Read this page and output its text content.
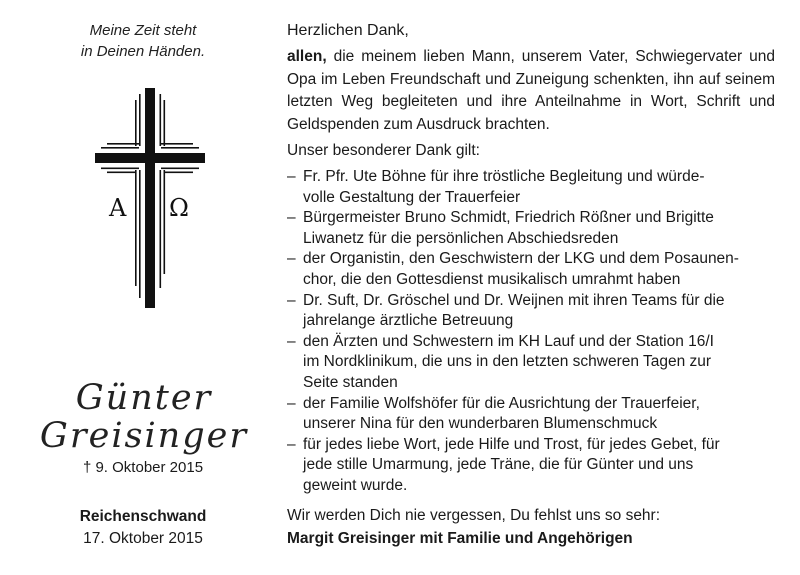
Meine Zeit steht
in Deinen Händen.
A Ω
Günter
Greisinger
† 9. Oktober 2015
Reichenschwand
17. Oktober 2015
Herzlichen Dank,
allen, die meinem lieben Mann, unserem Vater, Schwiegervater und Opa im Leben Freundschaft und Zuneigung schenkten, ihn auf seinem letzten Weg begleiteten und ihre Anteilnahme in Wort, Schrift und Geldspenden zum Ausdruck brachten.
Unser besonderer Dank gilt:
– Fr. Pfr. Ute Böhne für ihre tröstliche Begleitung und würde-
volle Gestaltung der Trauerfeier
– Bürgermeister Bruno Schmidt, Friedrich Rößner und Brigitte
Liwanetz für die persönlichen Abschiedsreden
– der Organistin, den Geschwistern der LKG und dem Posaunen-
chor, die den Gottesdienst musikalisch umrahmt haben
– Dr. Suft, Dr. Gröschel und Dr. Weijnen mit ihren Teams für die
jahrelange ärztliche Betreuung
– den Ärzten und Schwestern im KH Lauf und der Station 16/I
im Nordklinikum, die uns in den letzten schweren Tagen zur
Seite standen
– der Familie Wolfshöfer für die Ausrichtung der Trauerfeier,
unserer Nina für den wunderbaren Blumenschmuck
– für jedes liebe Wort, jede Hilfe und Trost, für jedes Gebet, für
jede stille Umarmung, jede Träne, die für Günter und uns
geweint wurde.
Wir werden Dich nie vergessen, Du fehlst uns so sehr:
Margit Greisinger mit Familie und Angehörigen
